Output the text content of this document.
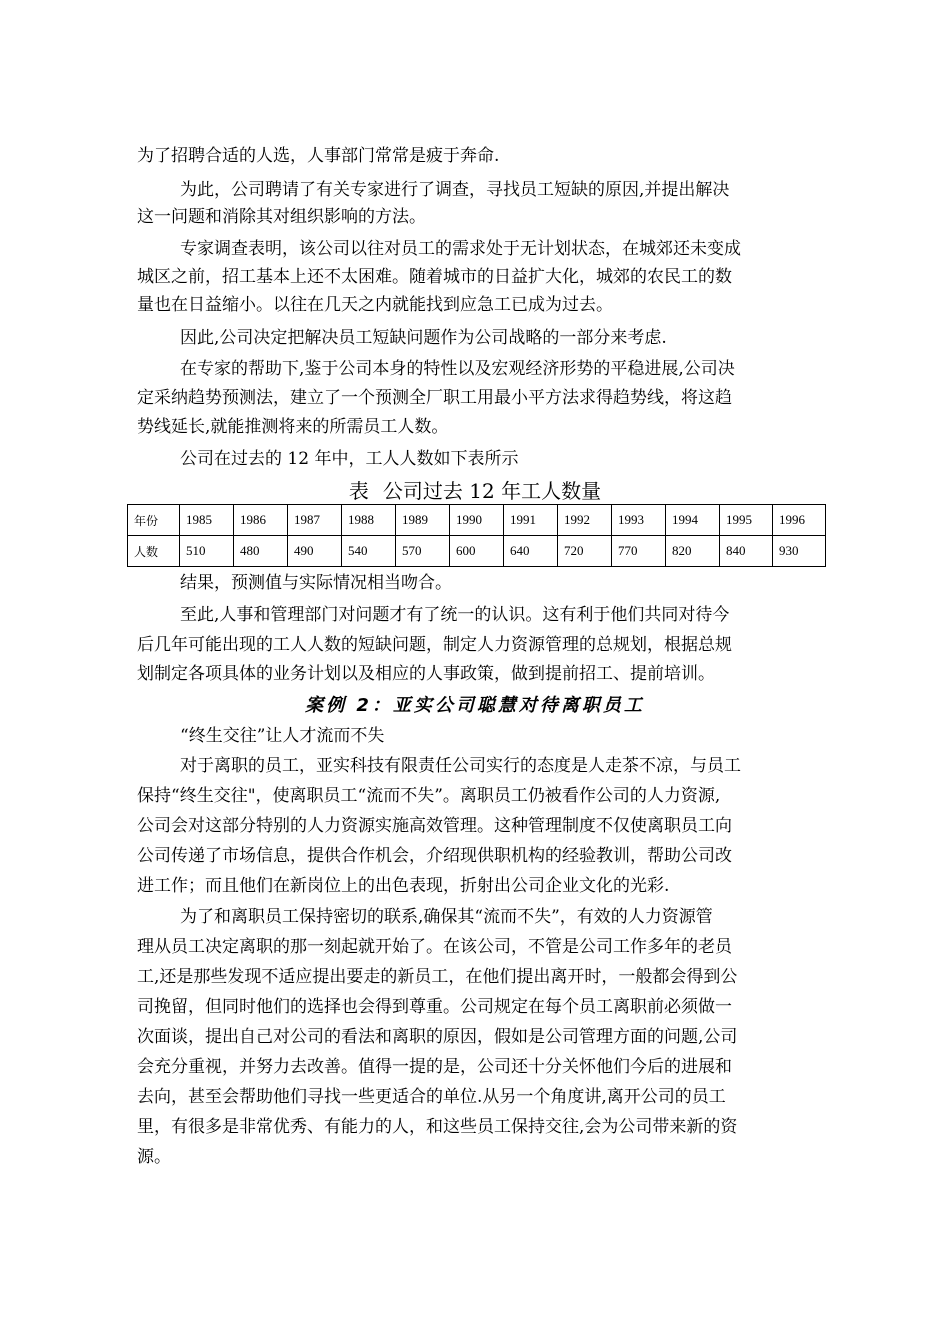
为了招聘合适的人选，人事部门常常是疲于奔命.
为此，公司聘请了有关专家进行了调查，寻找员工短缺的原因,并提出解决
这一问题和消除其对组织影响的方法。
专家调查表明，该公司以往对员工的需求处于无计划状态，在城郊还未变成
城区之前，招工基本上还不太困难。随着城市的日益扩大化，城郊的农民工的数
量也在日益缩小。以往在几天之内就能找到应急工已成为过去。
因此,公司决定把解决员工短缺问题作为公司战略的一部分来考虑.
在专家的帮助下,鉴于公司本身的特性以及宏观经济形势的平稳进展,公司决
定采纳趋势预测法，建立了一个预测全厂职工用最小平方法求得趋势线，将这趋
势线延长,就能推测将来的所需员工人数。
公司在过去的 12 年中，工人人数如下表所示
表 公司过去 12 年工人数量
年份	1985	1986	1987	1988	1989	1990	1991	1992	1993	1994	1995	1996
人数	510	480	490	540	570	600	640	720	770	820	840	930
结果，预测值与实际情况相当吻合。
至此,人事和管理部门对问题才有了统一的认识。这有利于他们共同对待今
后几年可能出现的工人人数的短缺问题，制定人力资源管理的总规划，根据总规
划制定各项具体的业务计划以及相应的人事政策，做到提前招工、提前培训。
案例 2：亚实公司聪慧对待离职员工
“终生交往”让人才流而不失
对于离职的员工，亚实科技有限责任公司实行的态度是人走茶不凉，与员工
保持“终生交往"，使离职员工“流而不失”。离职员工仍被看作公司的人力资源,
公司会对这部分特别的人力资源实施高效管理。这种管理制度不仅使离职员工向
公司传递了市场信息，提供合作机会，介绍现供职机构的经验教训，帮助公司改
进工作；而且他们在新岗位上的出色表现，折射出公司企业文化的光彩.
为了和离职员工保持密切的联系,确保其“流而不失”，有效的人力资源管
理从员工决定离职的那一刻起就开始了。在该公司，不管是公司工作多年的老员
工,还是那些发现不适应提出要走的新员工，在他们提出离开时，一般都会得到公
司挽留，但同时他们的选择也会得到尊重。公司规定在每个员工离职前必须做一
次面谈，提出自己对公司的看法和离职的原因，假如是公司管理方面的问题,公司
会充分重视，并努力去改善。值得一提的是，公司还十分关怀他们今后的进展和
去向，甚至会帮助他们寻找一些更适合的单位.从另一个角度讲,离开公司的员工
里，有很多是非常优秀、有能力的人，和这些员工保持交往,会为公司带来新的资
源。
